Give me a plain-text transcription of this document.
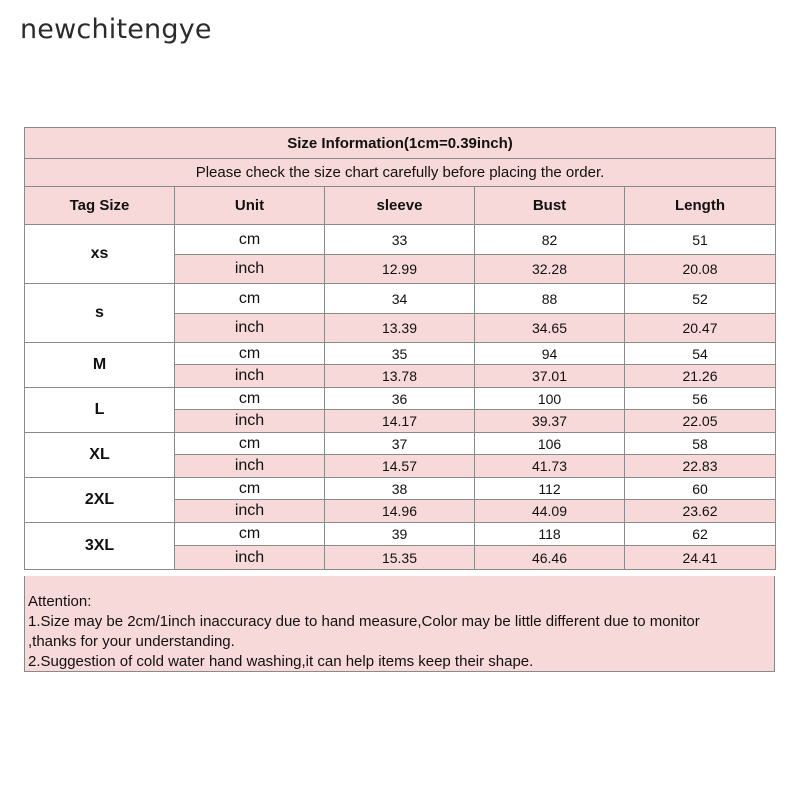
newchitengye
Size Information(1cm=0.39inch)				
Please check the size chart carefully before placing the order.				
Tag Size	Unit	sleeve	Bust	Length
xs	cm	33	82	51
	inch	12.99	32.28	20.08
s	cm	34	88	52
	inch	13.39	34.65	20.47
M	cm	35	94	54
	inch	13.78	37.01	21.26
L	cm	36	100	56
	inch	14.17	39.37	22.05
XL	cm	37	106	58
	inch	14.57	41.73	22.83
2XL	cm	38	112	60
	inch	14.96	44.09	23.62
3XL	cm	39	118	62
	inch	15.35	46.46	24.41
Attention:
1.Size may be 2cm/1inch inaccuracy due to hand measure,Color may be little different due to monitor
,thanks for your understanding.
2.Suggestion of cold water hand washing,it can help items keep their shape.
